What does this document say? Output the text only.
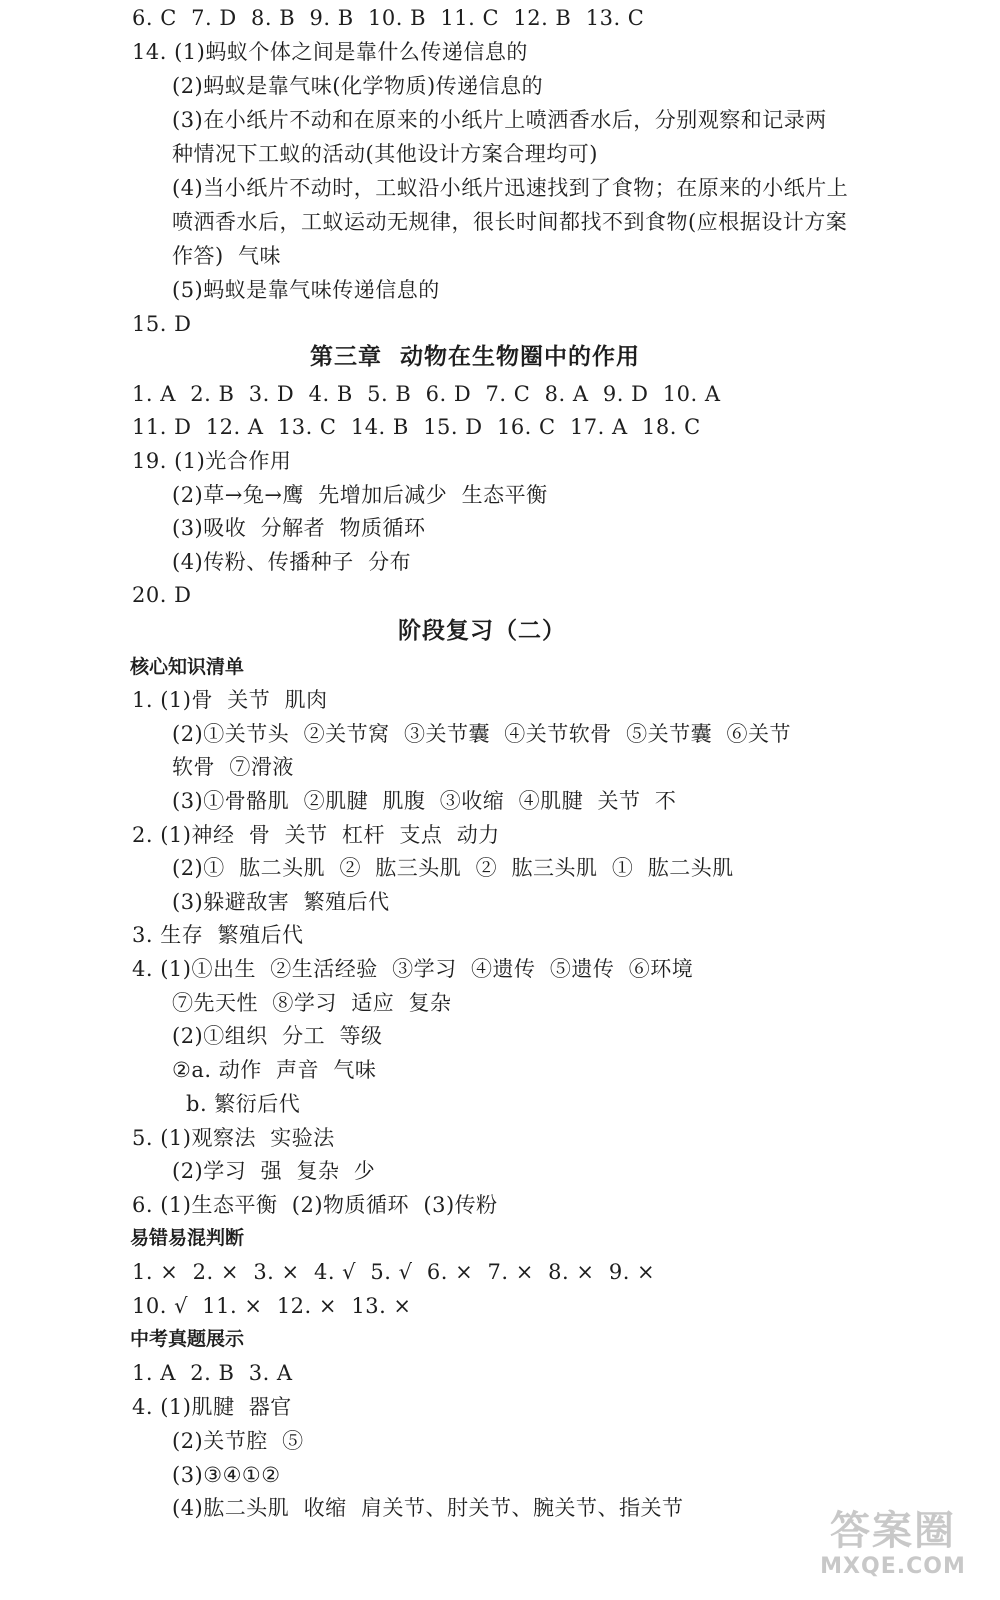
6. C  7. D  8. B  9. B  10. B  11. C  12. B  13. C
14. (1)蚂蚁个体之间是靠什么传递信息的
(2)蚂蚁是靠气味(化学物质)传递信息的
(3)在小纸片不动和在原来的小纸片上喷洒香水后，分别观察和记录两
种情况下工蚁的活动(其他设计方案合理均可)
(4)当小纸片不动时，工蚁沿小纸片迅速找到了食物；在原来的小纸片上
喷洒香水后，工蚁运动无规律，很长时间都找不到食物(应根据设计方案
作答)  气味
(5)蚂蚁是靠气味传递信息的
15. D
第三章  动物在生物圈中的作用
1. A  2. B  3. D  4. B  5. B  6. D  7. C  8. A  9. D  10. A
11. D  12. A  13. C  14. B  15. D  16. C  17. A  18. C
19. (1)光合作用
(2)草→兔→鹰  先增加后减少  生态平衡
(3)吸收  分解者  物质循环
(4)传粉、传播种子  分布
20. D
阶段复习（二）
核心知识清单
1. (1)骨  关节  肌肉
(2)①关节头  ②关节窝  ③关节囊  ④关节软骨  ⑤关节囊  ⑥关节
软骨  ⑦滑液
(3)①骨骼肌  ②肌腱  肌腹  ③收缩  ④肌腱  关节  不
2. (1)神经  骨  关节  杠杆  支点  动力
(2)①  肱二头肌  ②  肱三头肌  ②  肱三头肌  ①  肱二头肌
(3)躲避敌害  繁殖后代
3. 生存  繁殖后代
4. (1)①出生  ②生活经验  ③学习  ④遗传  ⑤遗传  ⑥环境
⑦先天性  ⑧学习  适应  复杂
(2)①组织  分工  等级
②a. 动作  声音  气味
b. 繁衍后代
5. (1)观察法  实验法
(2)学习  强  复杂  少
6. (1)生态平衡  (2)物质循环  (3)传粉
易错易混判断
1. ×  2. ×  3. ×  4. √  5. √  6. ×  7. ×  8. ×  9. ×
10. √  11. ×  12. ×  13. ×
中考真题展示
1. A  2. B  3. A
4. (1)肌腱  器官
(2)关节腔  ⑤
(3)③④①②
(4)肱二头肌  收缩  肩关节、肘关节、腕关节、指关节	答案圈
MXQE.COM
